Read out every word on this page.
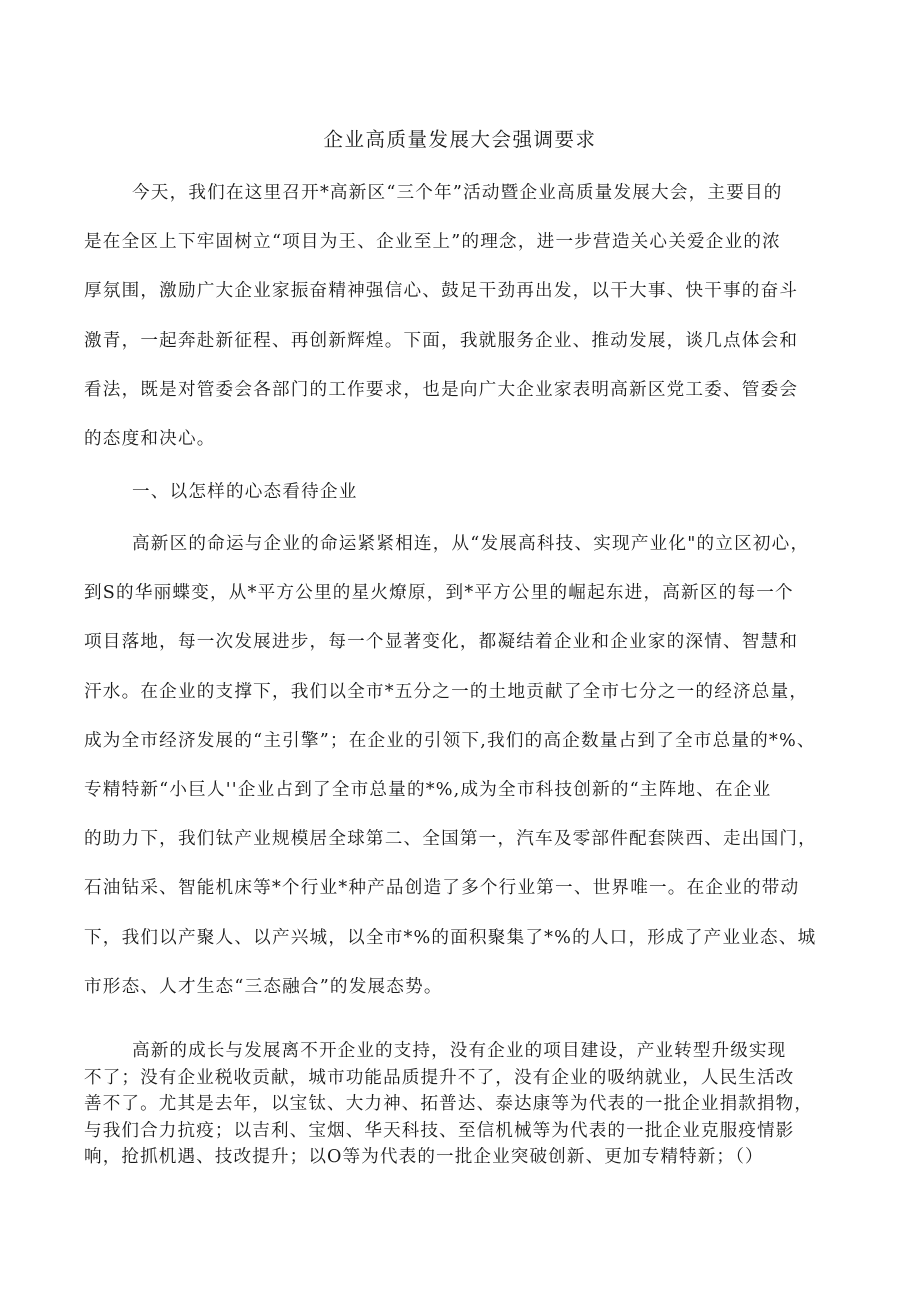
企业高质量发展大会强调要求

今天，我们在这里召开*高新区“三个年”活动暨企业高质量发展大会，主要目的
是在全区上下牢固树立“项目为王、企业至上”的理念，进一步营造关心关爱企业的浓
厚氛围，激励广大企业家振奋精神强信心、鼓足干劲再出发，以干大事、快干事的奋斗
激青，一起奔赴新征程、再创新辉煌。下面，我就服务企业、推动发展，谈几点体会和
看法，既是对管委会各部门的工作要求，也是向广大企业家表明高新区党工委、管委会
的态度和决心。

一、以怎样的心态看待企业

高新区的命运与企业的命运紧紧相连，从“发展高科技、实现产业化"的立区初心，
到S的华丽蝶变，从*平方公里的星火燎原，到*平方公里的崛起东进，高新区的每一个
项目落地，每一次发展进步，每一个显著变化，都凝结着企业和企业家的深情、智慧和
汗水。在企业的支撑下，我们以全市*五分之一的土地贡献了全市七分之一的经济总量，
成为全市经济发展的“主引擎”；在企业的引领下,我们的高企数量占到了全市总量的*%、
专精特新“小巨人''企业占到了全市总量的*%,成为全市科技创新的“主阵地、在企业
的助力下，我们钛产业规模居全球第二、全国第一，汽车及零部件配套陕西、走出国门，
石油钻采、智能机床等*个行业*种产品创造了多个行业第一、世界唯一。在企业的带动
下，我们以产聚人、以产兴城，以全市*%的面积聚集了*%的人口，形成了产业业态、城
市形态、人才生态“三态融合”的发展态势。

高新的成长与发展离不开企业的支持，没有企业的项目建设，产业转型升级实现
不了；没有企业税收贡献，城市功能品质提升不了，没有企业的吸纳就业，人民生活改
善不了。尤其是去年，以宝钛、大力神、拓普达、泰达康等为代表的一批企业捐款捐物，
与我们合力抗疫；以吉利、宝烟、华天科技、至信机械等为代表的一批企业克服疫情影
响，抢抓机遇、技改提升；以O等为代表的一批企业突破创新、更加专精特新；（）
